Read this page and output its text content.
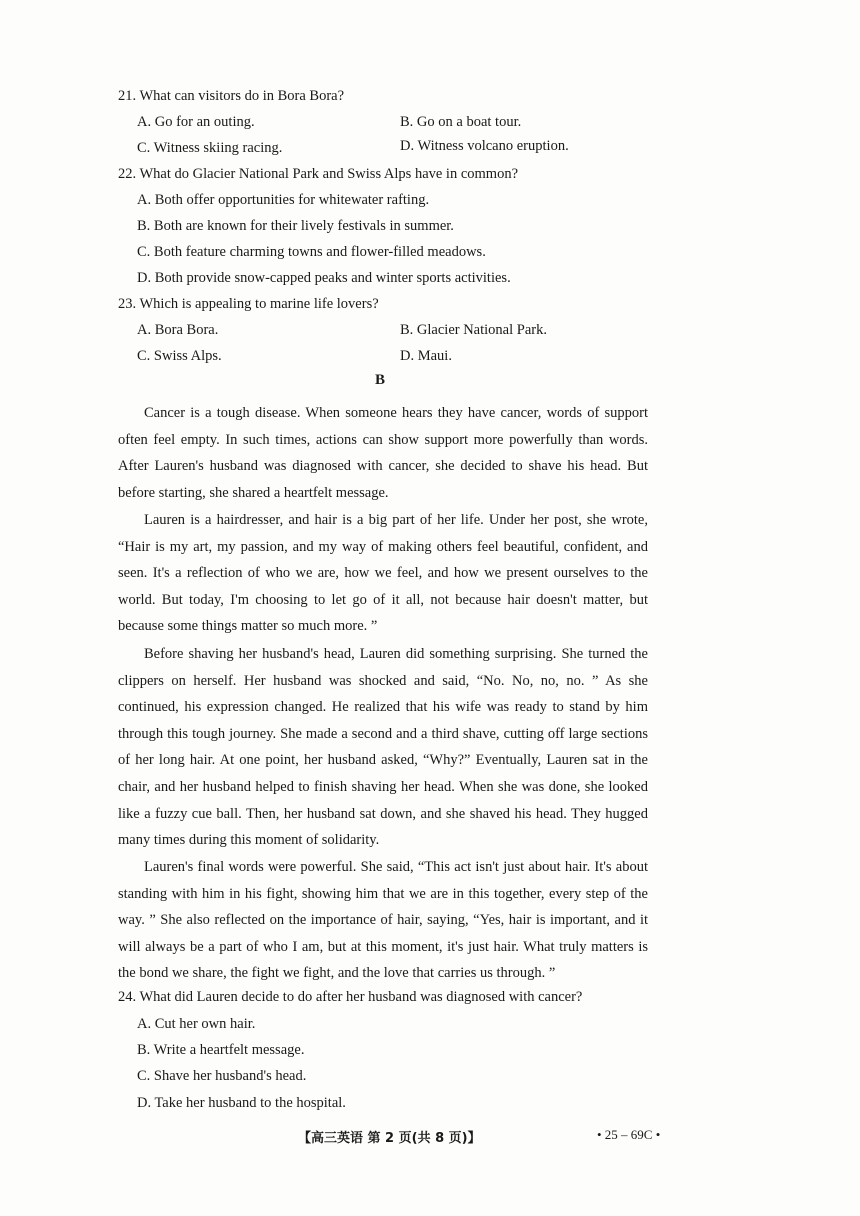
21. What can visitors do in Bora Bora?
A. Go for an outing.	B. Go on a boat tour.
C. Witness skiing racing.	D. Witness volcano eruption.
22. What do Glacier National Park and Swiss Alps have in common?
A. Both offer opportunities for whitewater rafting.
B. Both are known for their lively festivals in summer.
C. Both feature charming towns and flower-filled meadows.
D. Both provide snow-capped peaks and winter sports activities.
23. Which is appealing to marine life lovers?
A. Bora Bora.	B. Glacier National Park.
C. Swiss Alps.	D. Maui.
B
Cancer is a tough disease. When someone hears they have cancer, words of support often feel empty. In such times, actions can show support more powerfully than words. After Lauren's husband was diagnosed with cancer, she decided to shave his head. But before starting, she shared a heartfelt message.
Lauren is a hairdresser, and hair is a big part of her life. Under her post, she wrote, “Hair is my art, my passion, and my way of making others feel beautiful, confident, and seen. It's a reflection of who we are, how we feel, and how we present ourselves to the world. But today, I'm choosing to let go of it all, not because hair doesn't matter, but because some things matter so much more. ”
Before shaving her husband's head, Lauren did something surprising. She turned the clippers on herself. Her husband was shocked and said, “No. No, no, no. ” As she continued, his expression changed. He realized that his wife was ready to stand by him through this tough journey. She made a second and a third shave, cutting off large sections of her long hair. At one point, her husband asked, “Why?” Eventually, Lauren sat in the chair, and her husband helped to finish shaving her head. When she was done, she looked like a fuzzy cue ball. Then, her husband sat down, and she shaved his head. They hugged many times during this moment of solidarity.
Lauren's final words were powerful. She said, “This act isn't just about hair. It's about standing with him in his fight, showing him that we are in this together, every step of the way. ” She also reflected on the importance of hair, saying, “Yes, hair is important, and it will always be a part of who I am, but at this moment, it's just hair. What truly matters is the bond we share, the fight we fight, and the love that carries us through. ”
24. What did Lauren decide to do after her husband was diagnosed with cancer?
A. Cut her own hair.
B. Write a heartfelt message.
C. Shave her husband's head.
D. Take her husband to the hospital.
【高三英语 第 2 页(共 8 页)】	• 25 – 69C •
